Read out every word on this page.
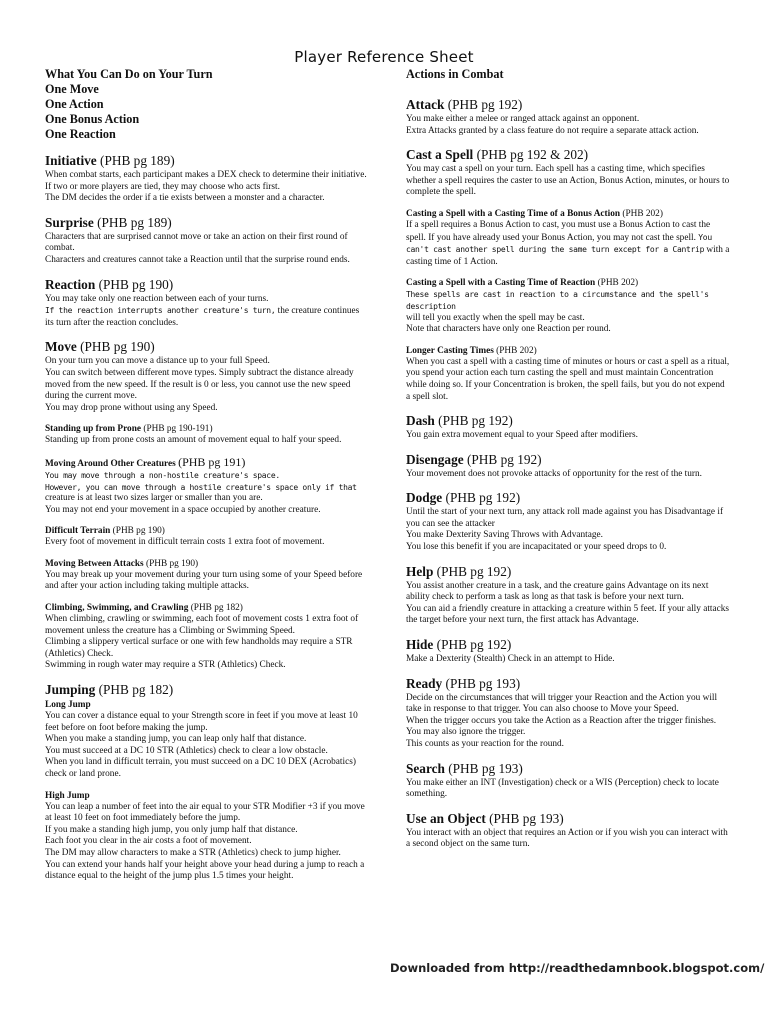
Player Reference Sheet
What You Can Do on Your Turn
One Move
One Action
One Bonus Action
One Reaction
Initiative (PHB pg 189)

When combat starts, each participant makes a DEX check to determine their initiative.

If two or more players are tied, they may choose who acts first.

The DM decides the order if a tie exists between a monster and a character.

Surprise (PHB pg 189)

Characters that are surprised cannot move or take an action on their first round of combat.

Characters and creatures cannot take a Reaction until that the surprise round ends.

Reaction (PHB pg 190)

You may take only one reaction between each of your turns.

If the reaction interrupts another creature's turn, the creature continues its turn after the reaction concludes.

Move (PHB pg 190)

On your turn you can move a distance up to your full Speed.

You can switch between different move types. Simply subtract the distance already moved from the new speed. If the result is 0 or less, you cannot use the new speed during the current move.

You may drop prone without using any Speed.

Standing up from Prone (PHB pg 190-191)

Standing up from prone costs an amount of movement equal to half your speed.

Moving Around Other Creatures (PHB pg 191)

You may move through a non-hostile creature's space.

However, you can move through a hostile creature's space only if that

creature is at least two sizes larger or smaller than you are.

You may not end your movement in a space occupied by another creature.

Difficult Terrain (PHB pg 190)

Every foot of movement in difficult terrain costs 1 extra foot of movement.

Moving Between Attacks (PHB pg 190)

You may break up your movement during your turn using some of your Speed before and after your action including taking multiple attacks.

Climbing, Swimming, and Crawling (PHB pg 182)

When climbing, crawling or swimming, each foot of movement costs 1 extra foot of movement unless the creature has a Climbing or Swimming Speed.

Climbing a slippery vertical surface or one with few handholds may require a STR (Athletics) Check.

Swimming in rough water may require a STR (Athletics) Check.

Jumping (PHB pg 182)
Long Jump

You can cover a distance equal to your Strength score in feet if you move at least 10 feet before on foot before making the jump.

When you make a standing jump, you can leap only half that distance.

You must succeed at a DC 10 STR (Athletics) check to clear a low obstacle.

When you land in difficult terrain, you must succeed on a DC 10 DEX (Acrobatics) check or land prone.

High Jump

You can leap a number of feet into the air equal to your STR Modifier +3 if you move at least 10 feet on foot immediately before the jump.

If you make a standing high jump, you only jump half that distance.

Each foot you clear in the air costs a foot of movement.

The DM may allow characters to make a STR (Athletics) check to jump higher.

You can extend your hands half your height above your head during a jump to reach a distance equal to the height of the jump plus 1.5 times your height.

Actions in Combat
Attack (PHB pg 192)

You make either a melee or ranged attack against an opponent.

Extra Attacks granted by a class feature do not require a separate attack action.

Cast a Spell (PHB pg 192 & 202)

You may cast a spell on your turn. Each spell has a casting time, which specifies whether a spell requires the caster to use an Action, Bonus Action, minutes, or hours to complete the spell.

Casting a Spell with a Casting Time of a Bonus Action (PHB 202)

If a spell requires a Bonus Action to cast, you must use a Bonus Action to cast the spell. If you have already used your Bonus Action, you may not cast the spell. You can't cast another spell during the same turn except for a Cantrip with a casting time of 1 Action.

Casting a Spell with a Casting Time of Reaction (PHB 202)

These spells are cast in reaction to a circumstance and the spell's description

will tell you exactly when the spell may be cast.

Note that characters have only one Reaction per round.

Longer Casting Times (PHB 202)

When you cast a spell with a casting time of minutes or hours or cast a spell as a ritual, you spend your action each turn casting the spell and must maintain Concentration while doing so. If your Concentration is broken, the spell fails, but you do not expend a spell slot.

Dash (PHB pg 192)

You gain extra movement equal to your Speed after modifiers.

Disengage (PHB pg 192)

Your movement does not provoke attacks of opportunity for the rest of the turn.

Dodge (PHB pg 192)

Until the start of your next turn, any attack roll made against you has Disadvantage if you can see the attacker

You make Dexterity Saving Throws with Advantage.

You lose this benefit if you are incapacitated or your speed drops to 0.

Help (PHB pg 192)

You assist another creature in a task, and the creature gains Advantage on its next ability check to perform a task as long as that task is before your next turn.

You can aid a friendly creature in attacking a creature within 5 feet. If your ally attacks the target before your next turn, the first attack has Advantage.

Hide (PHB pg 192)

Make a Dexterity (Stealth) Check in an attempt to Hide.

Ready (PHB pg 193)

Decide on the circumstances that will trigger your Reaction and the Action you will take in response to that trigger. You can also choose to Move your Speed.

When the trigger occurs you take the Action as a Reaction after the trigger finishes.

You may also ignore the trigger.

This counts as your reaction for the round.

Search (PHB pg 193)

You make either an INT (Investigation) check or a WIS (Perception) check to locate something.

Use an Object (PHB pg 193)

You interact with an object that requires an Action or if you wish you can interact with a second object on the same turn.

Downloaded from http://readthedamnbook.blogspot.com/
